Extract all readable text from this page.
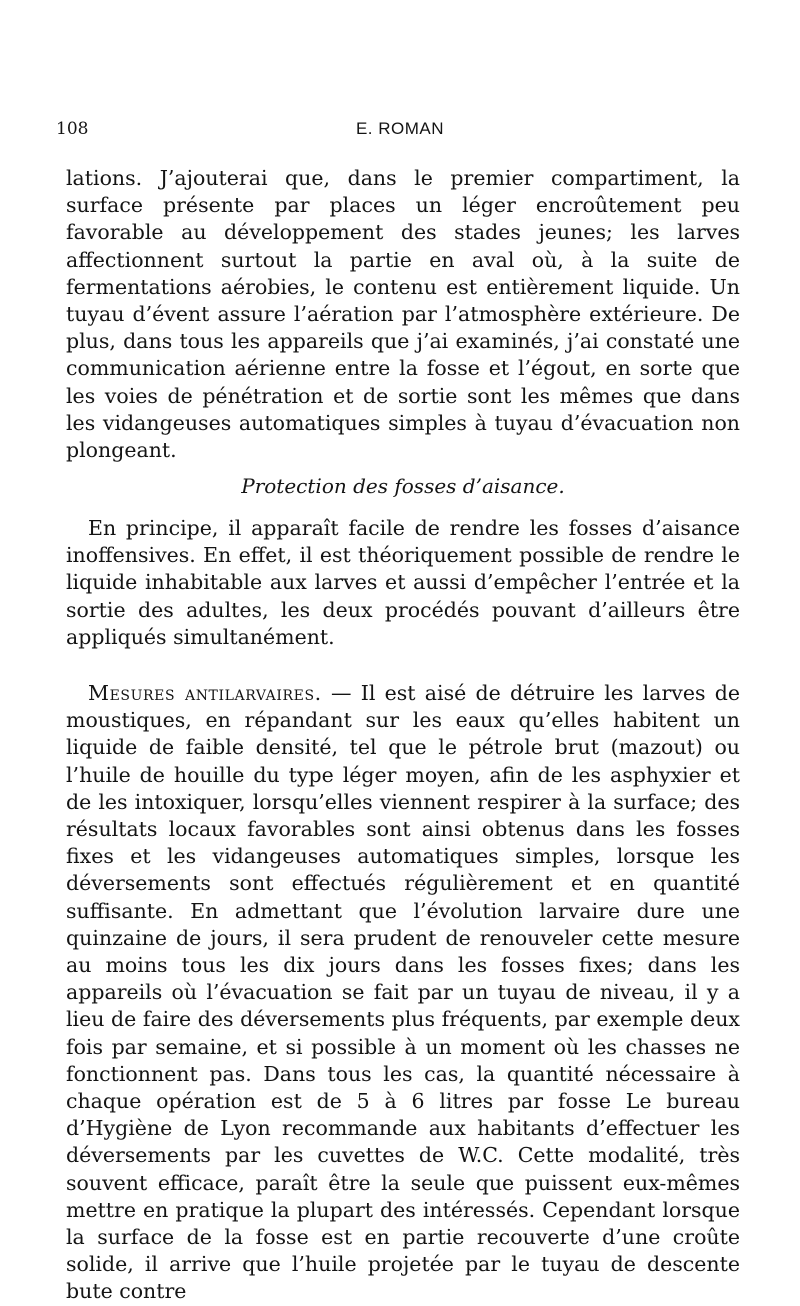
108	E. ROMAN

lations. J’ajouterai que, dans le premier compartiment, la surface présente par places un léger encroûtement peu favorable au développement des stades jeunes; les larves affectionnent surtout la partie en aval où, à la suite de fermentations aérobies, le contenu est entièrement liquide. Un tuyau d’évent assure l’aération par l’atmosphère extérieure. De plus, dans tous les appareils que j’ai examinés, j’ai constaté une communication aérienne entre la fosse et l’égout, en sorte que les voies de pénétration et de sortie sont les mêmes que dans les vidangeuses automatiques simples à tuyau d’évacuation non plongeant.

Protection des fosses d’aisance.

En principe, il apparaît facile de rendre les fosses d’aisance inoffensives. En effet, il est théoriquement possible de rendre le liquide inhabitable aux larves et aussi d’empêcher l’entrée et la sortie des adultes, les deux procédés pouvant d’ailleurs être appliqués simultanément.

Mesures antilarvaires. — Il est aisé de détruire les larves de moustiques, en répandant sur les eaux qu’elles habitent un liquide de faible densité, tel que le pétrole brut (mazout) ou l’huile de houille du type léger moyen, afin de les asphyxier et de les intoxiquer, lorsqu’elles viennent respirer à la surface; des résultats locaux favorables sont ainsi obtenus dans les fosses fixes et les vidangeuses automatiques simples, lorsque les déversements sont effectués régulièrement et en quantité suffisante. En admettant que l’évolution larvaire dure une quinzaine de jours, il sera prudent de renouveler cette mesure au moins tous les dix jours dans les fosses fixes; dans les appareils où l’évacuation se fait par un tuyau de niveau, il y a lieu de faire des déversements plus fréquents, par exemple deux fois par semaine, et si possible à un moment où les chasses ne fonctionnent pas. Dans tous les cas, la quantité nécessaire à chaque opération est de 5 à 6 litres par fosse Le bureau d’Hygiène de Lyon recommande aux habitants d’effectuer les déversements par les cuvettes de W.C. Cette modalité, très souvent efficace, paraît être la seule que puissent eux-mêmes mettre en pratique la plupart des intéressés. Cependant lorsque la surface de la fosse est en partie recouverte d’une croûte solide, il arrive que l’huile projetée par le tuyau de descente bute contre
